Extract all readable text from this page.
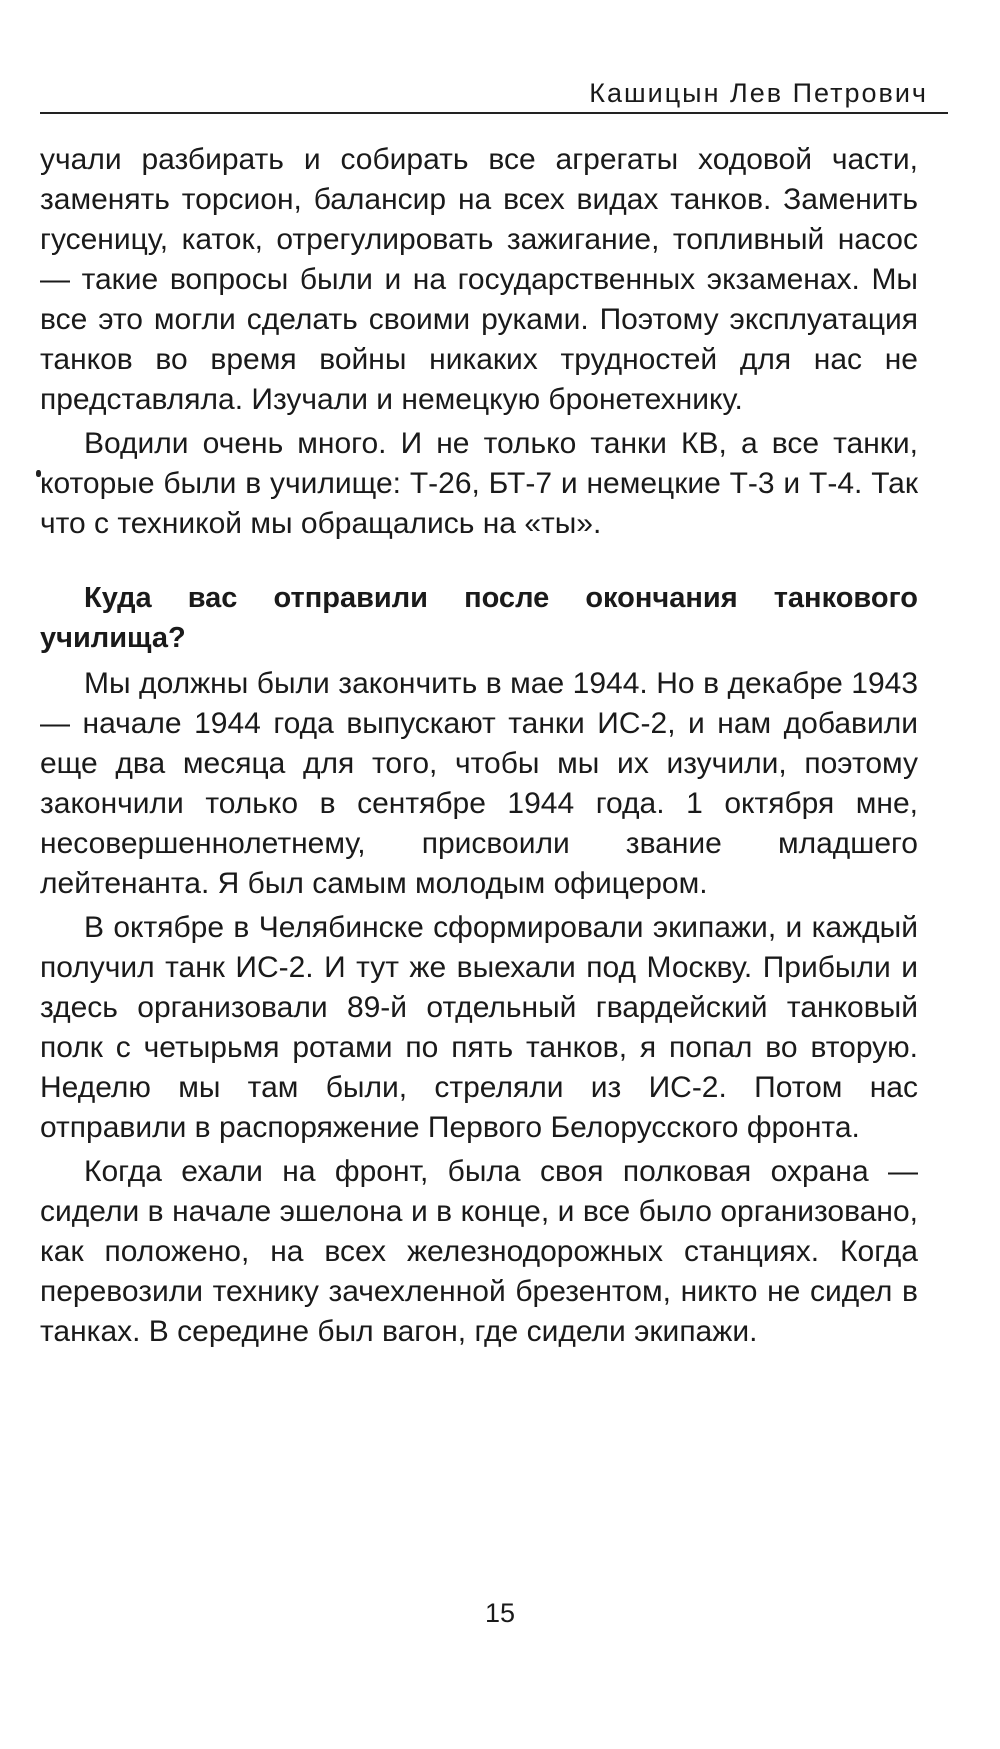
Кашицын Лев Петрович

учали разбирать и собирать все агрегаты ходовой части, заменять торсион, балансир на всех видах танков. Заменить гусеницу, каток, отрегулировать зажигание, топливный насос — такие вопросы были и на государственных экзаменах. Мы все это могли сделать своими руками. Поэтому эксплуатация танков во время войны никаких трудностей для нас не представляла. Изучали и немецкую бронетехнику.

Водили очень много. И не только танки КВ, а все танки, которые были в училище: Т-26, БТ-7 и немецкие Т-3 и Т-4. Так что с техникой мы обращались на «ты».

Куда вас отправили после окончания танкового училища?

Мы должны были закончить в мае 1944. Но в декабре 1943 — начале 1944 года выпускают танки ИС-2, и нам добавили еще два месяца для того, чтобы мы их изучили, поэтому закончили только в сентябре 1944 года. 1 октября мне, несовершеннолетнему, присвоили звание младшего лейтенанта. Я был самым молодым офицером.

В октябре в Челябинске сформировали экипажи, и каждый получил танк ИС-2. И тут же выехали под Москву. Прибыли и здесь организовали 89-й отдельный гвардейский танковый полк с четырьмя ротами по пять танков, я попал во вторую. Неделю мы там были, стреляли из ИС-2. Потом нас отправили в распоряжение Первого Белорусского фронта.

Когда ехали на фронт, была своя полковая охрана — сидели в начале эшелона и в конце, и все было организовано, как положено, на всех железнодорожных станциях. Когда перевозили технику зачехленной брезентом, никто не сидел в танках. В середине был вагон, где сидели экипажи.

15
